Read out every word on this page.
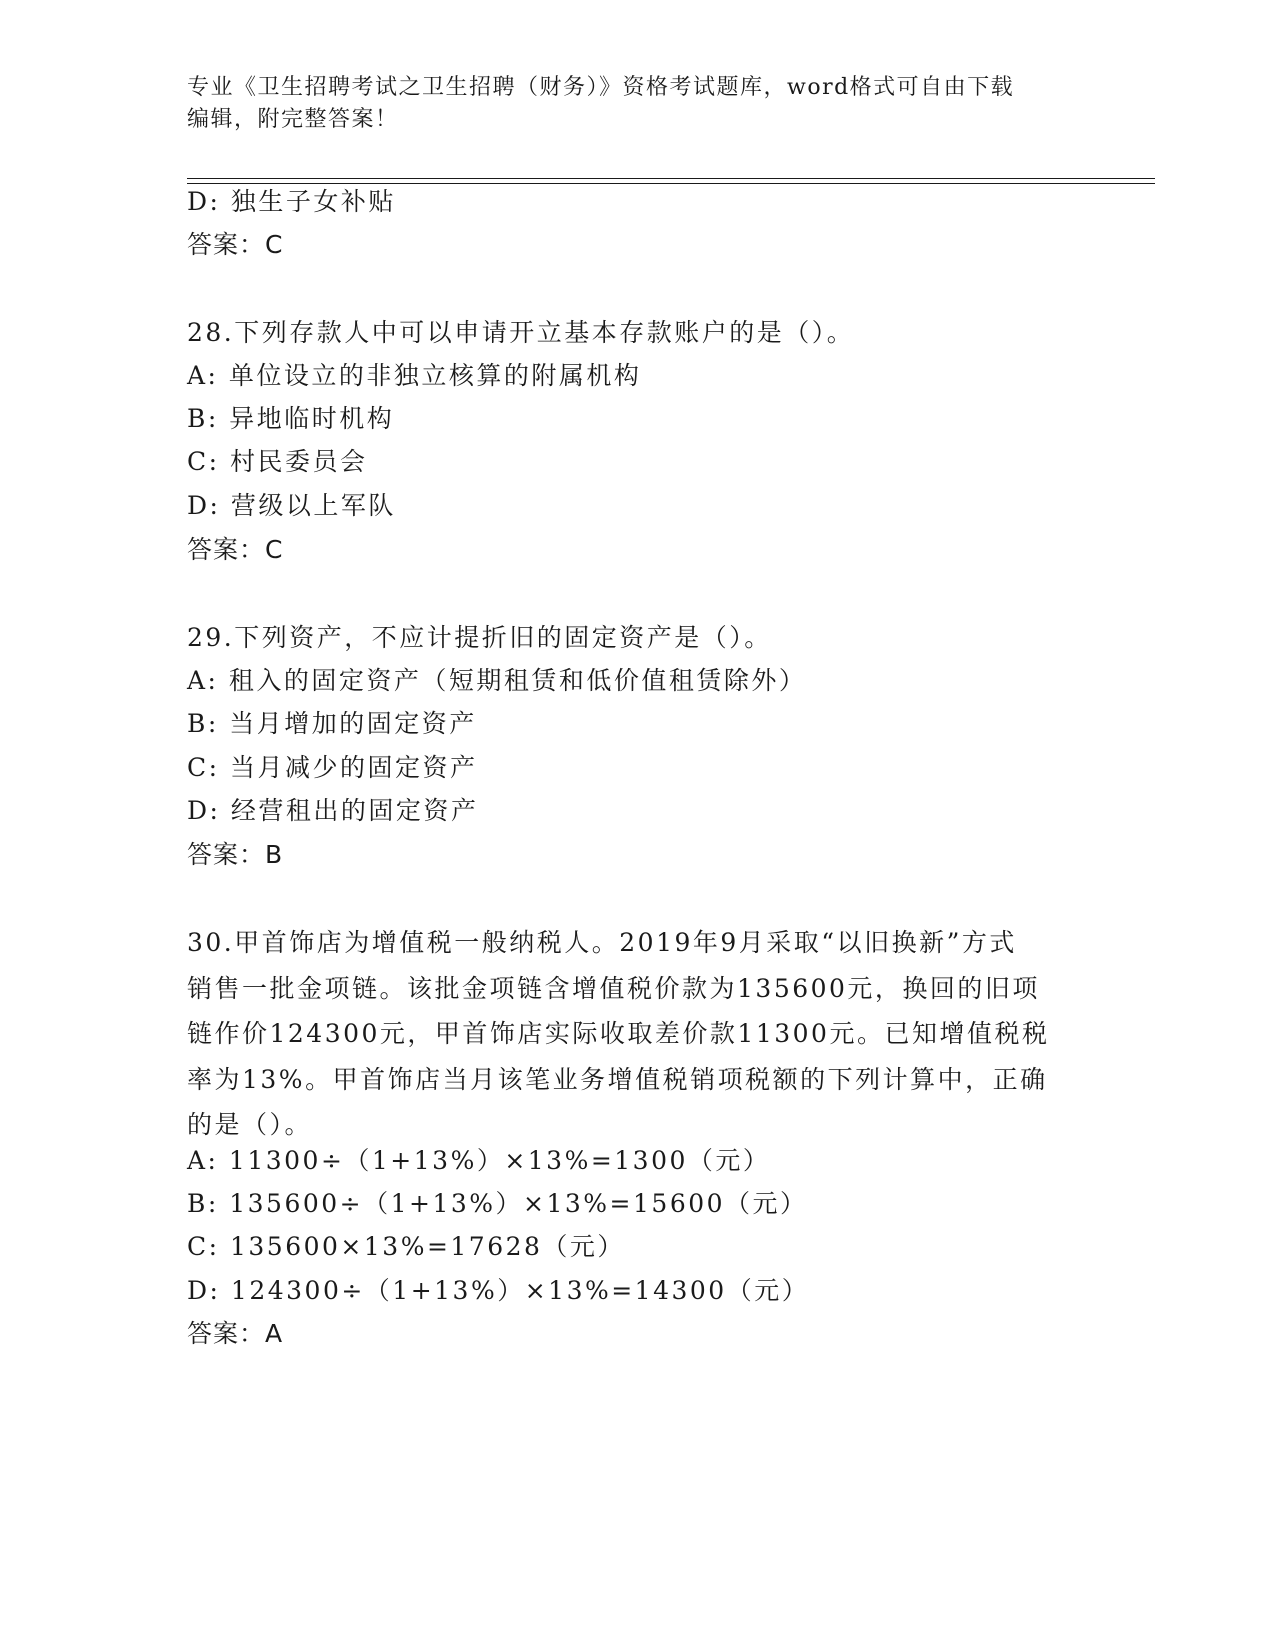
专业《卫生招聘考试之卫生招聘（财务）》资格考试题库，word格式可自由下载
编辑，附完整答案！
D: 独生子女补贴
答案：C
28.下列存款人中可以申请开立基本存款账户的是（）。
A: 单位设立的非独立核算的附属机构
B: 异地临时机构
C: 村民委员会
D: 营级以上军队
答案：C
29.下列资产，不应计提折旧的固定资产是（）。
A: 租入的固定资产（短期租赁和低价值租赁除外）
B: 当月增加的固定资产
C: 当月减少的固定资产
D: 经营租出的固定资产
答案：B
30.甲首饰店为增值税一般纳税人。2019年9月采取“以旧换新”方式
销售一批金项链。该批金项链含增值税价款为135600元，换回的旧项
链作价124300元，甲首饰店实际收取差价款11300元。已知增值税税
率为13%。甲首饰店当月该笔业务增值税销项税额的下列计算中，正确
的是（）。
A: 11300÷（1+13%）×13%=1300（元）
B: 135600÷（1+13%）×13%=15600（元）
C: 135600×13%=17628（元）
D: 124300÷（1+13%）×13%=14300（元）
答案：A
